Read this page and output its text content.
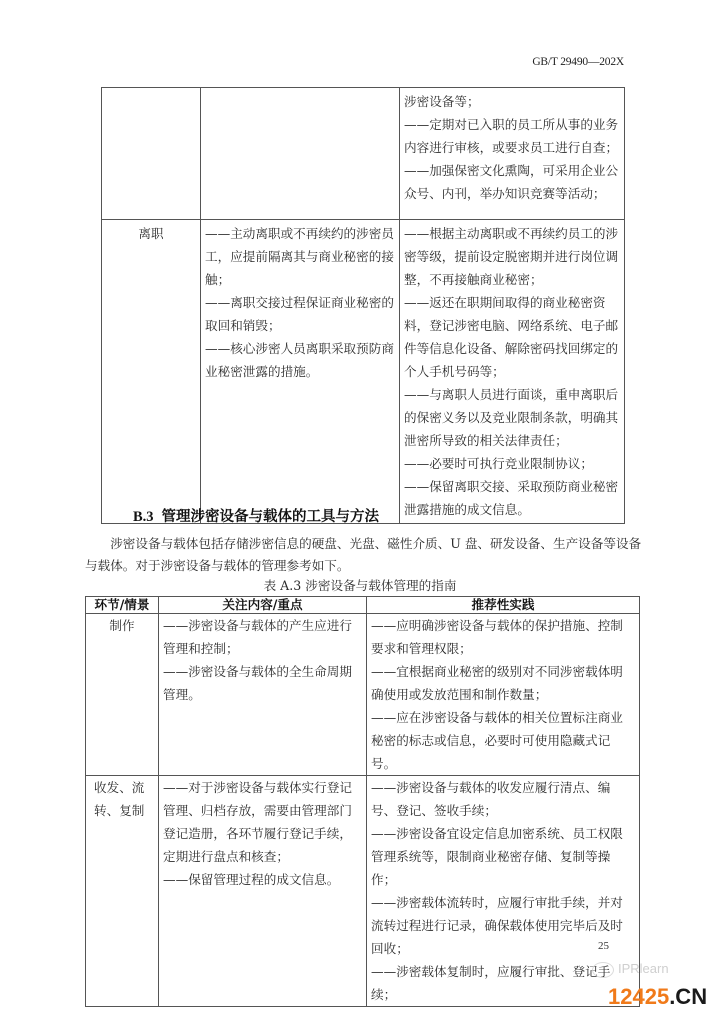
GB/T 29490—202X

		涉密设备等；
——定期对已入职的员工所从事的业务内容进行审核，或要求员工进行自查；
——加强保密文化熏陶，可采用企业公众号、内刊，举办知识竞赛等活动；

离职	——主动离职或不再续约的涉密员工，应提前隔离其与商业秘密的接触；
——离职交接过程保证商业秘密的取回和销毁；
——核心涉密人员离职采取预防商业秘密泄露的措施。	——根据主动离职或不再续约员工的涉密等级，提前设定脱密期并进行岗位调整，不再接触商业秘密；
——返还在职期间取得的商业秘密资料，登记涉密电脑、网络系统、电子邮件等信息化设备、解除密码找回绑定的个人手机号码等；
——与离职人员进行面谈，重申离职后的保密义务以及竞业限制条款，明确其泄密所导致的相关法律责任；
——必要时可执行竞业限制协议；
——保留离职交接、采取预防商业秘密泄露措施的成文信息。
B.3 管理涉密设备与载体的工具与方法
涉密设备与载体包括存储涉密信息的硬盘、光盘、磁性介质、U 盘、研发设备、生产设备等设备与载体。对于涉密设备与载体的管理参考如下。
表 A.3 涉密设备与载体管理的指南
环节/情景	关注内容/重点	推荐性实践
制作	——涉密设备与载体的产生应进行管理和控制；
——涉密设备与载体的全生命周期管理。	——应明确涉密设备与载体的保护措施、控制要求和管理权限；
——宜根据商业秘密的级别对不同涉密载体明确使用或发放范围和制作数量；
——应在涉密设备与载体的相关位置标注商业秘密的标志或信息，必要时可使用隐藏式记号。

收发、流转、复制	——对于涉密设备与载体实行登记管理、归档存放，需要由管理部门登记造册，各环节履行登记手续，定期进行盘点和核查；
——保留管理过程的成文信息。	——涉密设备与载体的收发应履行清点、编号、登记、签收手续；
——涉密设备宜设定信息加密系统、员工权限管理系统等，限制商业秘密存储、复制等操作；
——涉密载体流转时，应履行审批手续，并对流转过程进行记录，确保载体使用完毕后及时回收；
——涉密载体复制时，应履行审批、登记手续；
25
IPRlearn
12425.CN
